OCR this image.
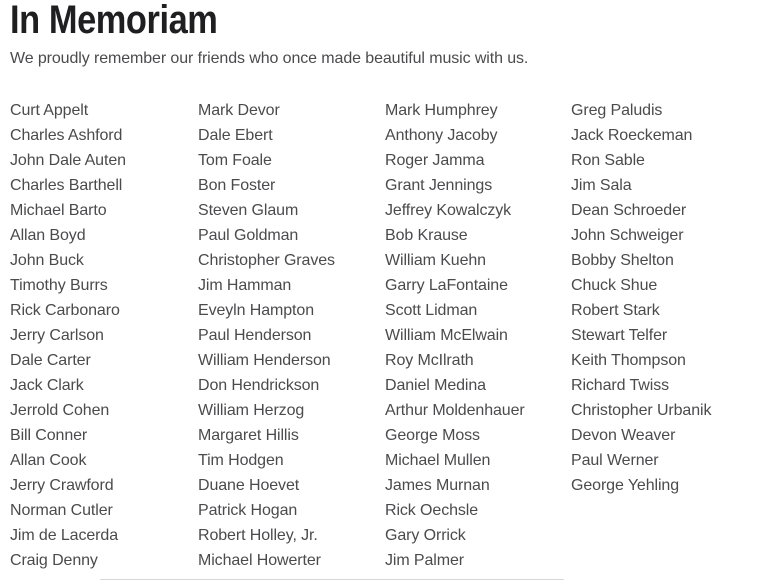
In Memoriam

We proudly remember our friends who once made beautiful music with us.

Curt Appelt
Charles Ashford
John Dale Auten
Charles Barthell
Michael Barto
Allan Boyd
John Buck
Timothy Burrs
Rick Carbonaro
Jerry Carlson
Dale Carter
Jack Clark
Jerrold Cohen
Bill Conner
Allan Cook
Jerry Crawford
Norman Cutler
Jim de Lacerda
Craig Denny
Mark Devor
Dale Ebert
Tom Foale
Bon Foster
Steven Glaum
Paul Goldman
Christopher Graves
Jim Hamman
Eveyln Hampton
Paul Henderson
William Henderson
Don Hendrickson
William Herzog
Margaret Hillis
Tim Hodgen
Duane Hoevet
Patrick Hogan
Robert Holley, Jr.
Michael Howerter
Mark Humphrey
Anthony Jacoby
Roger Jamma
Grant Jennings
Jeffrey Kowalczyk
Bob Krause
William Kuehn
Garry LaFontaine
Scott Lidman
William McElwain
Roy McIlrath
Daniel Medina
Arthur Moldenhauer
George Moss
Michael Mullen
James Murnan
Rick Oechsle
Gary Orrick
Jim Palmer
Greg Paludis
Jack Roeckeman
Ron Sable
Jim Sala
Dean Schroeder
John Schweiger
Bobby Shelton
Chuck Shue
Robert Stark
Stewart Telfer
Keith Thompson
Richard Twiss
Christopher Urbanik
Devon Weaver
Paul Werner
George Yehling
